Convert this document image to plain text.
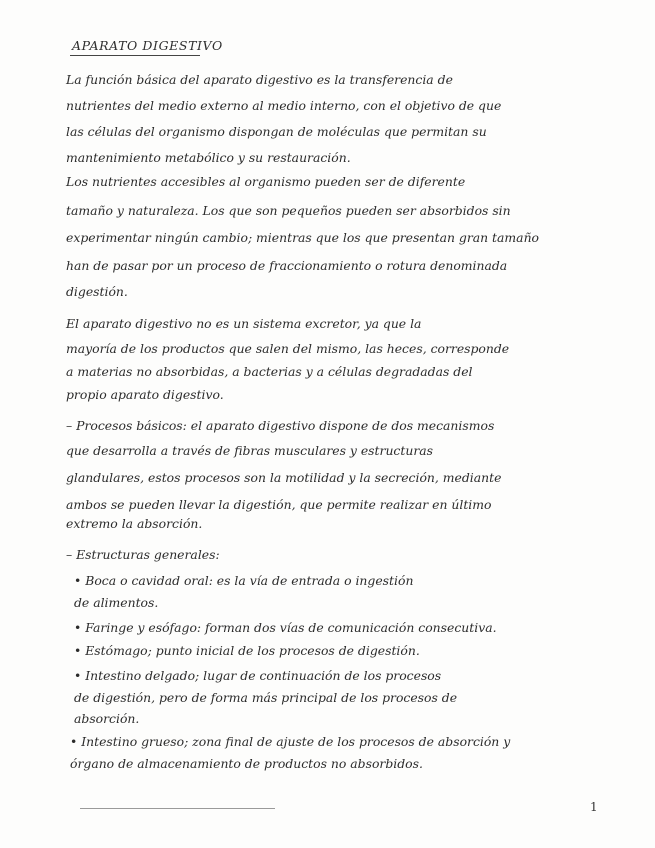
APARATO DIGESTIVO
La función básica del aparato digestivo es la transferencia de
nutrientes del medio externo al medio interno, con el objetivo de que
las células del organismo dispongan de moléculas que permitan su
mantenimiento metabólico y su restauración.
Los nutrientes accesibles al organismo pueden ser de diferente
tamaño y naturaleza. Los que son pequeños pueden ser absorbidos sin
experimentar ningún cambio; mientras que los que presentan gran tamaño
han de pasar por un proceso de fraccionamiento o rotura denominada
digestión.
El aparato digestivo no es un sistema excretor, ya que la
mayoría de los productos que salen del mismo, las heces, corresponde
a materias no absorbidas, a bacterias y a células degradadas del
propio aparato digestivo.
– Procesos básicos: el aparato digestivo dispone de dos mecanismos
que desarrolla a través de fibras musculares y estructuras
glandulares, estos procesos son la motilidad y la secreción, mediante
ambos se pueden llevar la digestión, que permite realizar en último
extremo la absorción.
– Estructuras generales:
• Boca o cavidad oral: es la vía de entrada o ingestión
de alimentos.
• Faringe y esófago: forman dos vías de comunicación consecutiva.
• Estómago; punto inicial de los procesos de digestión.
• Intestino delgado; lugar de continuación de los procesos
de digestión, pero de forma más principal de los procesos de
absorción.
• Intestino grueso; zona final de ajuste de los procesos de absorción y
órgano de almacenamiento de productos no absorbidos.
1
